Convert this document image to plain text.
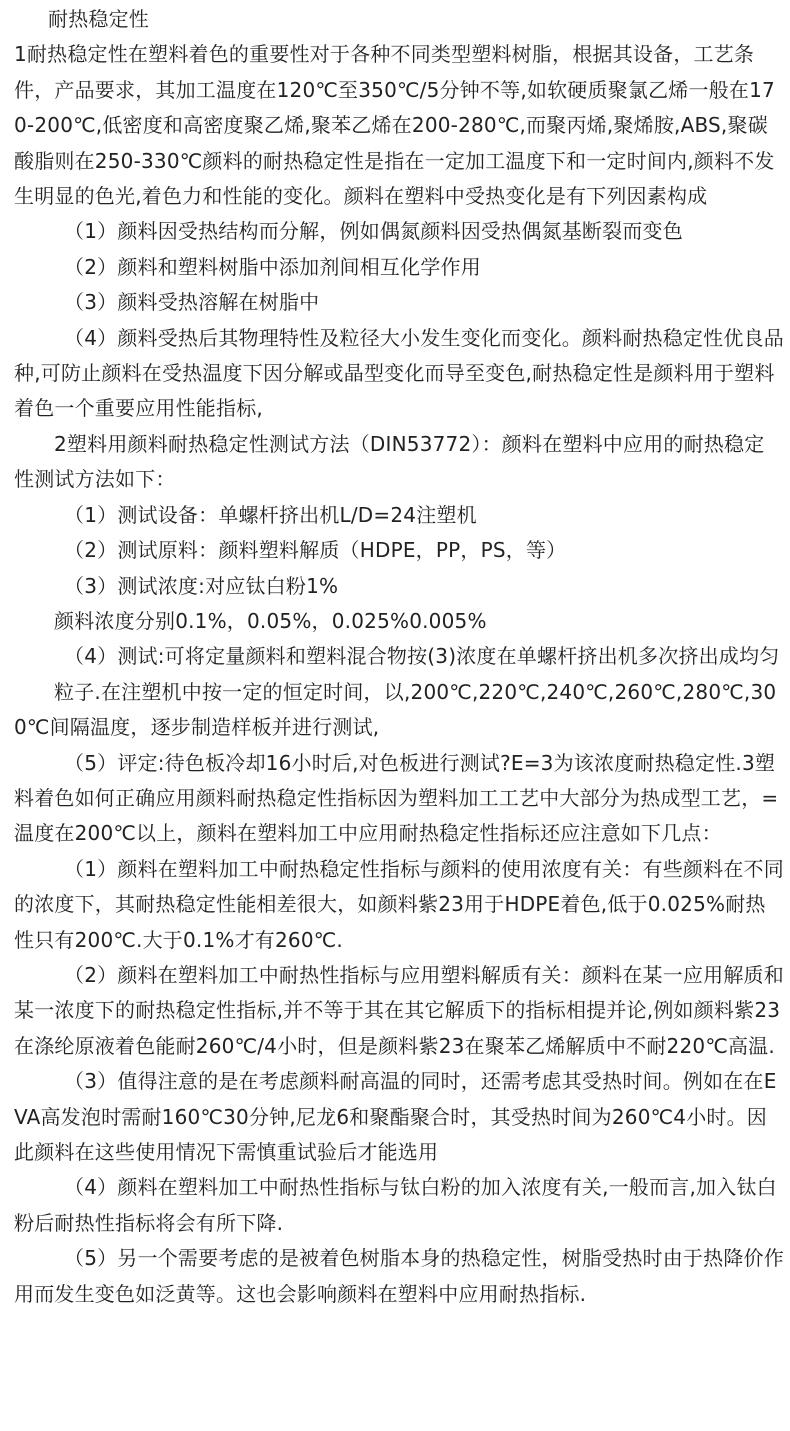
耐热稳定性

1耐热稳定性在塑料着色的重要性对于各种不同类型塑料树脂，根据其设备，工艺条件，产品要求，其加工温度在120℃至350℃/5分钟不等,如软硬质聚氯乙烯一般在170-200℃,低密度和高密度聚乙烯,聚苯乙烯在200-280℃,而聚丙烯,聚烯胺,ABS,聚碳酸脂则在250-330℃颜料的耐热稳定性是指在一定加工温度下和一定时间内,颜料不发生明显的色光,着色力和性能的变化。颜料在塑料中受热变化是有下列因素构成

（1）颜料因受热结构而分解，例如偶氮颜料因受热偶氮基断裂而变色

（2）颜料和塑料树脂中添加剂间相互化学作用

（3）颜料受热溶解在树脂中

（4）颜料受热后其物理特性及粒径大小发生变化而变化。颜料耐热稳定性优良品种,可防止颜料在受热温度下因分解或晶型变化而导至变色,耐热稳定性是颜料用于塑料着色一个重要应用性能指标,

2塑料用颜料耐热稳定性测试方法（DIN53772）：颜料在塑料中应用的耐热稳定性测试方法如下：

（1）测试设备：单螺杆挤出机L/D=24注塑机

（2）测试原料：颜料塑料解质（HDPE，PP，PS，等）

（3）测试浓度:对应钛白粉1%

颜料浓度分别0.1%，0.05%，0.025%0.005%

（4）测试:可将定量颜料和塑料混合物按(3)浓度在单螺杆挤出机多次挤出成均匀

粒子.在注塑机中按一定的恒定时间，以,200℃,220℃,240℃,260℃,280℃,300℃间隔温度，逐步制造样板并进行测试,

（5）评定:待色板冷却16小时后,对色板进行测试?E=3为该浓度耐热稳定性.3塑料着色如何正确应用颜料耐热稳定性指标因为塑料加工工艺中大部分为热成型工艺，=温度在200℃以上，颜料在塑料加工中应用耐热稳定性指标还应注意如下几点：

（1）颜料在塑料加工中耐热稳定性指标与颜料的使用浓度有关：有些颜料在不同的浓度下，其耐热稳定性能相差很大，如颜料紫23用于HDPE着色,低于0.025%耐热性只有200℃.大于0.1%才有260℃.

（2）颜料在塑料加工中耐热性指标与应用塑料解质有关：颜料在某一应用解质和某一浓度下的耐热稳定性指标,并不等于其在其它解质下的指标相提并论,例如颜料紫23在涤纶原液着色能耐260℃/4小时，但是颜料紫23在聚苯乙烯解质中不耐220℃高温.

（3）值得注意的是在考虑颜料耐高温的同时，还需考虑其受热时间。例如在在EVA高发泡时需耐160℃30分钟,尼龙6和聚酯聚合时，其受热时间为260℃4小时。因此颜料在这些使用情况下需慎重试验后才能选用

（4）颜料在塑料加工中耐热性指标与钛白粉的加入浓度有关,一般而言,加入钛白粉后耐热性指标将会有所下降.

（5）另一个需要考虑的是被着色树脂本身的热稳定性，树脂受热时由于热降价作用而发生变色如泛黄等。这也会影响颜料在塑料中应用耐热指标.
